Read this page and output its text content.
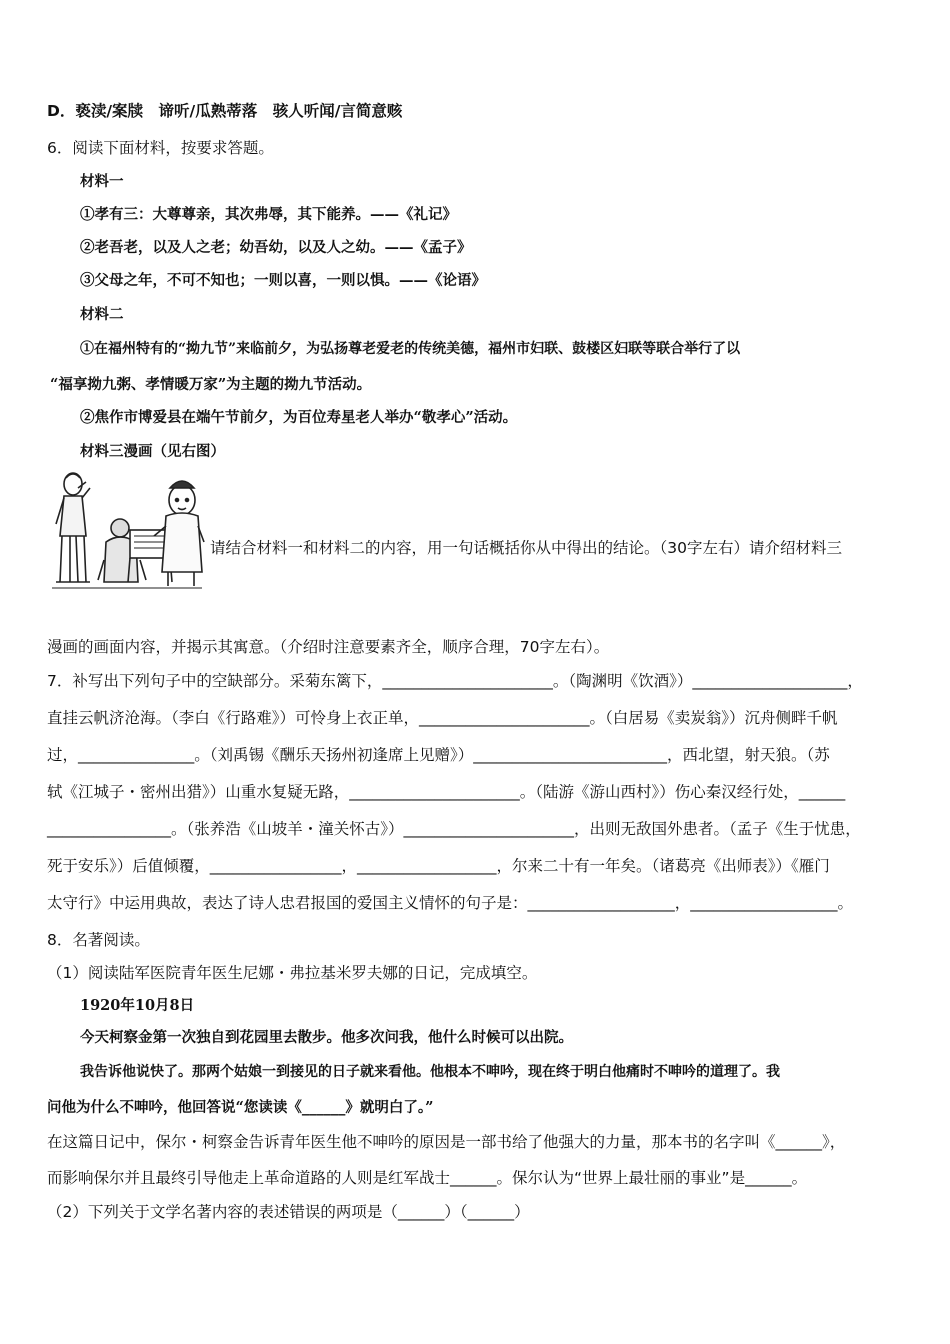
D．亵渎/案牍　谛听/瓜熟蒂落　骇人听闻/言简意赅
6．阅读下面材料，按要求答题。
材料一
①孝有三：大尊尊亲，其次弗辱，其下能养。——《礼记》
②老吾老，以及人之老；幼吾幼，以及人之幼。——《孟子》
③父母之年，不可不知也；一则以喜，一则以惧。——《论语》
材料二
①在福州特有的“拗九节”来临前夕，为弘扬尊老爱老的传统美德，福州市妇联、鼓楼区妇联等联合举行了以
“福享拗九粥、孝情暖万家”为主题的拗九节活动。
②焦作市博爱县在端午节前夕，为百位寿星老人举办“敬孝心”活动。
材料三漫画（见右图）
请结合材料一和材料二的内容，用一句话概括你从中得出的结论。（30字左右）请介绍材料三
漫画的画面内容，并揭示其寓意。（介绍时注意要素齐全，顺序合理，70字左右）。
7．补写出下列句子中的空缺部分。采菊东篱下，______________________。（陶渊明《饮酒》）____________________，
直挂云帆济沧海。（李白《行路难》）可怜身上衣正单，______________________。（白居易《卖炭翁》）沉舟侧畔千帆
过，_______________。（刘禹锡《酬乐天扬州初逢席上见赠》）_________________________，西北望，射天狼。（苏
轼《江城子・密州出猎》）山重水复疑无路，______________________。（陆游《游山西村》）伤心秦汉经行处，______
________________。（张养浩《山坡羊・潼关怀古》）______________________，出则无敌国外患者。（孟子《生于忧患，
死于安乐》）后值倾覆，_________________，__________________，尔来二十有一年矣。（诸葛亮《出师表》）《雁门
太守行》中运用典故，表达了诗人忠君报国的爱国主义情怀的句子是：___________________，___________________。
8．名著阅读。
（1）阅读陆军医院青年医生尼娜・弗拉基米罗夫娜的日记，完成填空。
1920年10月8日
今天柯察金第一次独自到花园里去散步。他多次问我，他什么时候可以出院。
我告诉他说快了。那两个姑娘一到接见的日子就来看他。他根本不呻吟，现在终于明白他痛时不呻吟的道理了。我
问他为什么不呻吟，他回答说“您读读《______》就明白了。”
在这篇日记中，保尔・柯察金告诉青年医生他不呻吟的原因是一部书给了他强大的力量，那本书的名字叫《______》，
而影响保尔并且最终引导他走上革命道路的人则是红军战士______。保尔认为“世界上最壮丽的事业”是______。
（2）下列关于文学名著内容的表述错误的两项是（______）（______）
